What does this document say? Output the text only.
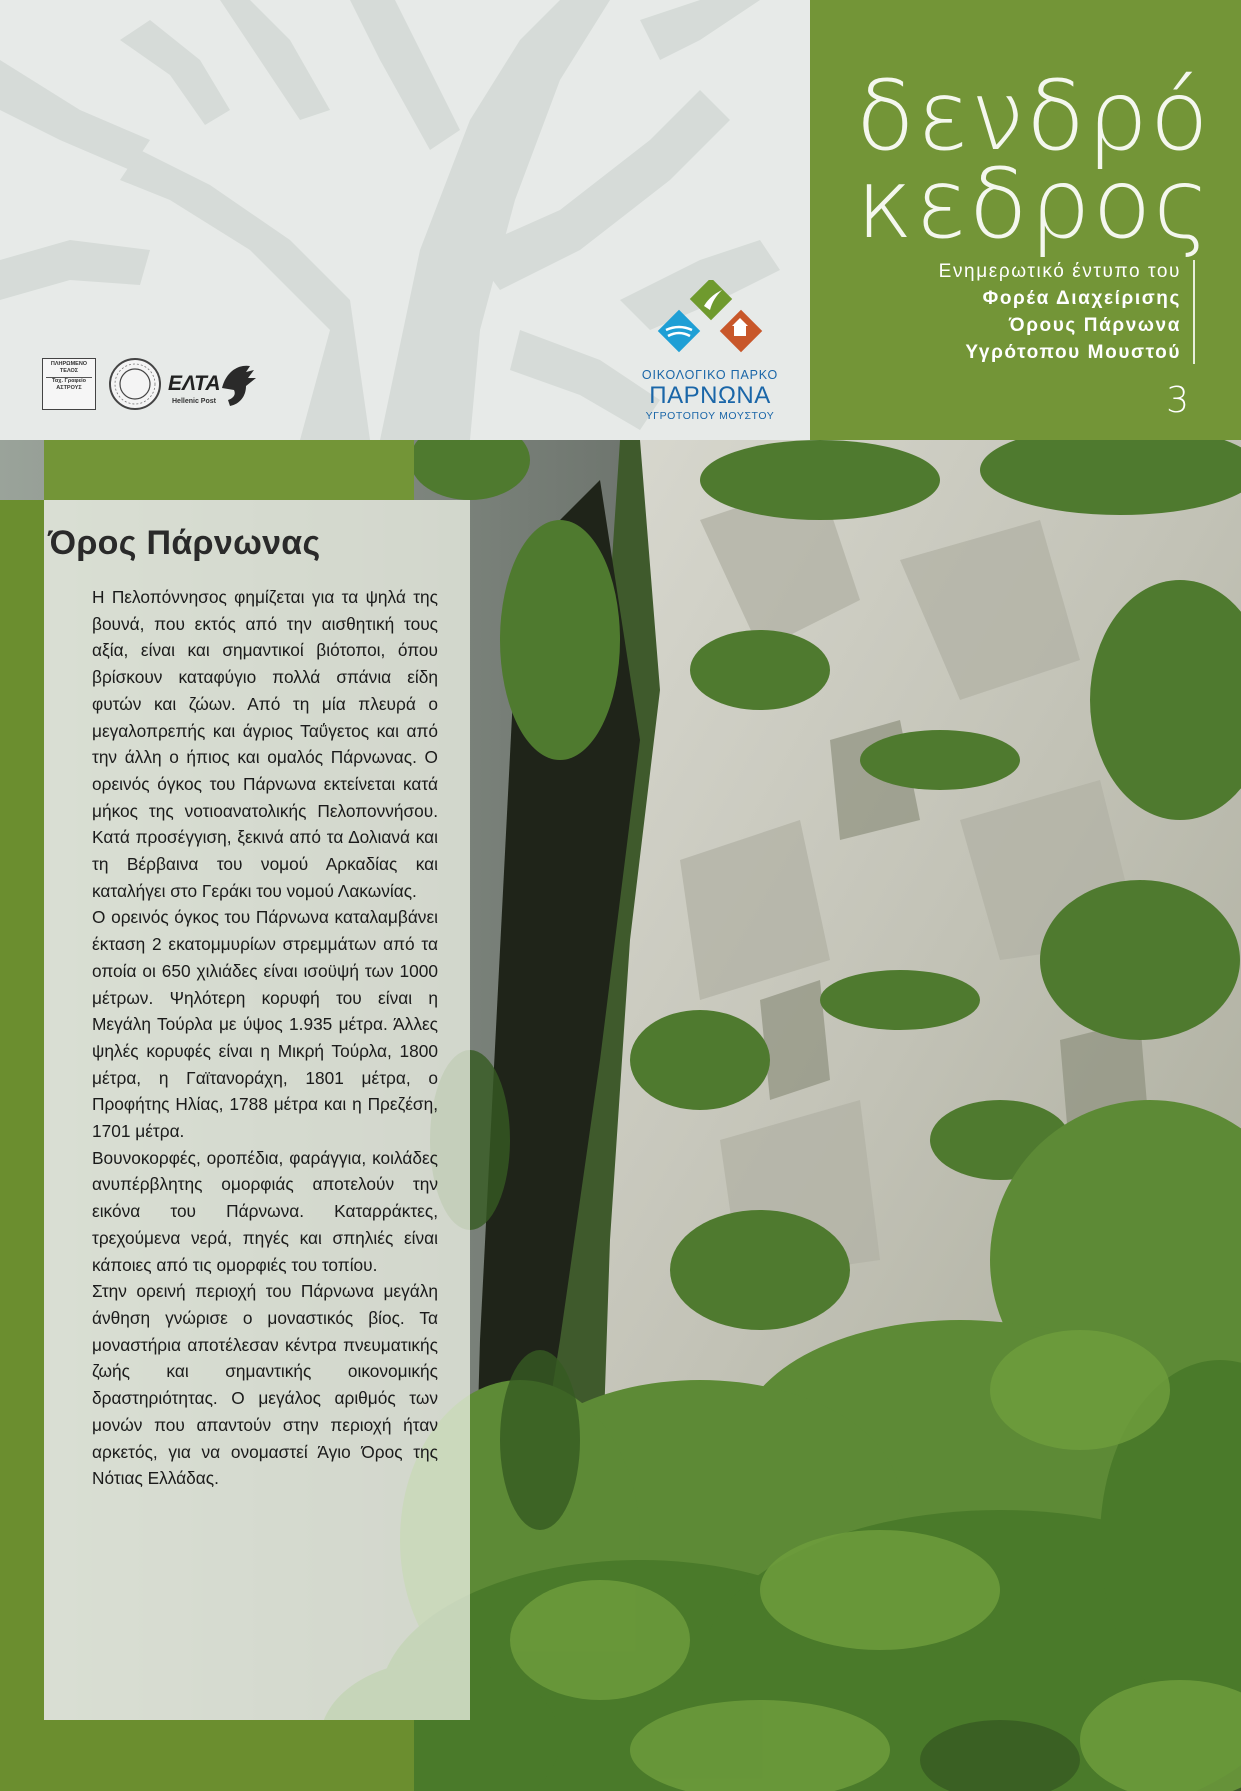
ΠΛΗΡΩΜΕΝΟ
ΤΕΛΟΣ
Ταχ. Γραφείο
ΑΣΤΡΟΥΣ	ΕΛΤΑ
Hellenic Post
ΟΙΚΟΛΟΓΙΚΟ ΠΑΡΚΟ
ΠΑΡΝΩΝΑ
ΥΓΡΟΤΟΠΟΥ ΜΟΥΣΤΟΥ
δενδρό
κεδρος
Ενημερωτικό έντυπο του
Φορέα Διαχείρισης
Όρους Πάρνωνα
Υγρότοπου Μουστού
3
Όρος Πάρνωνας

Η Πελοπόννησος φημίζεται για τα ψηλά της βουνά, που εκτός από την αισθητική τους αξία, είναι και σημαντικοί βιότοποι, όπου βρίσκουν καταφύγιο πολλά σπάνια είδη φυτών και ζώων. Από τη μία πλευρά ο μεγαλοπρεπής και άγριος Ταΰγετος και από την άλλη ο ήπιος και ομαλός Πάρνωνας. Ο ορεινός όγκος του Πάρνωνα εκτείνεται κατά μήκος της νοτιοανατολικής Πελοποννήσου. Κατά προσέγγιση, ξεκινά από τα Δολιανά και τη Βέρβαινα του νομού Αρκαδίας και καταλήγει στο Γεράκι του νομού Λακωνίας.

Ο ορεινός όγκος του Πάρνωνα καταλαμβάνει έκταση 2 εκατομμυρίων στρεμμάτων από τα οποία οι 650 χιλιάδες είναι ισοϋψή των 1000 μέτρων. Ψηλότερη κορυφή του είναι η Μεγάλη Τούρλα με ύψος 1.935 μέτρα. Άλλες ψηλές κορυφές είναι η Μικρή Τούρλα, 1800 μέτρα, η Γαϊτανοράχη, 1801 μέτρα, ο Προφήτης Ηλίας, 1788 μέτρα και η Πρεζέση, 1701 μέτρα.

Βουνοκορφές, οροπέδια, φαράγγια, κοιλάδες ανυπέρβλητης ομορφιάς αποτελούν την εικόνα του Πάρνωνα. Καταρράκτες, τρεχούμενα νερά, πηγές και σπηλιές είναι κάποιες από τις ομορφιές του τοπίου.

Στην ορεινή περιοχή του Πάρνωνα μεγάλη άνθηση γνώρισε ο μοναστικός βίος. Τα μοναστήρια αποτέλεσαν κέντρα πνευματικής ζωής και σημαντικής οικονομικής δραστηριότητας. Ο μεγάλος αριθμός των μονών που απαντούν στην περιοχή ήταν αρκετός, για να ονομαστεί Άγιο Όρος της Νότιας Ελλάδας.
